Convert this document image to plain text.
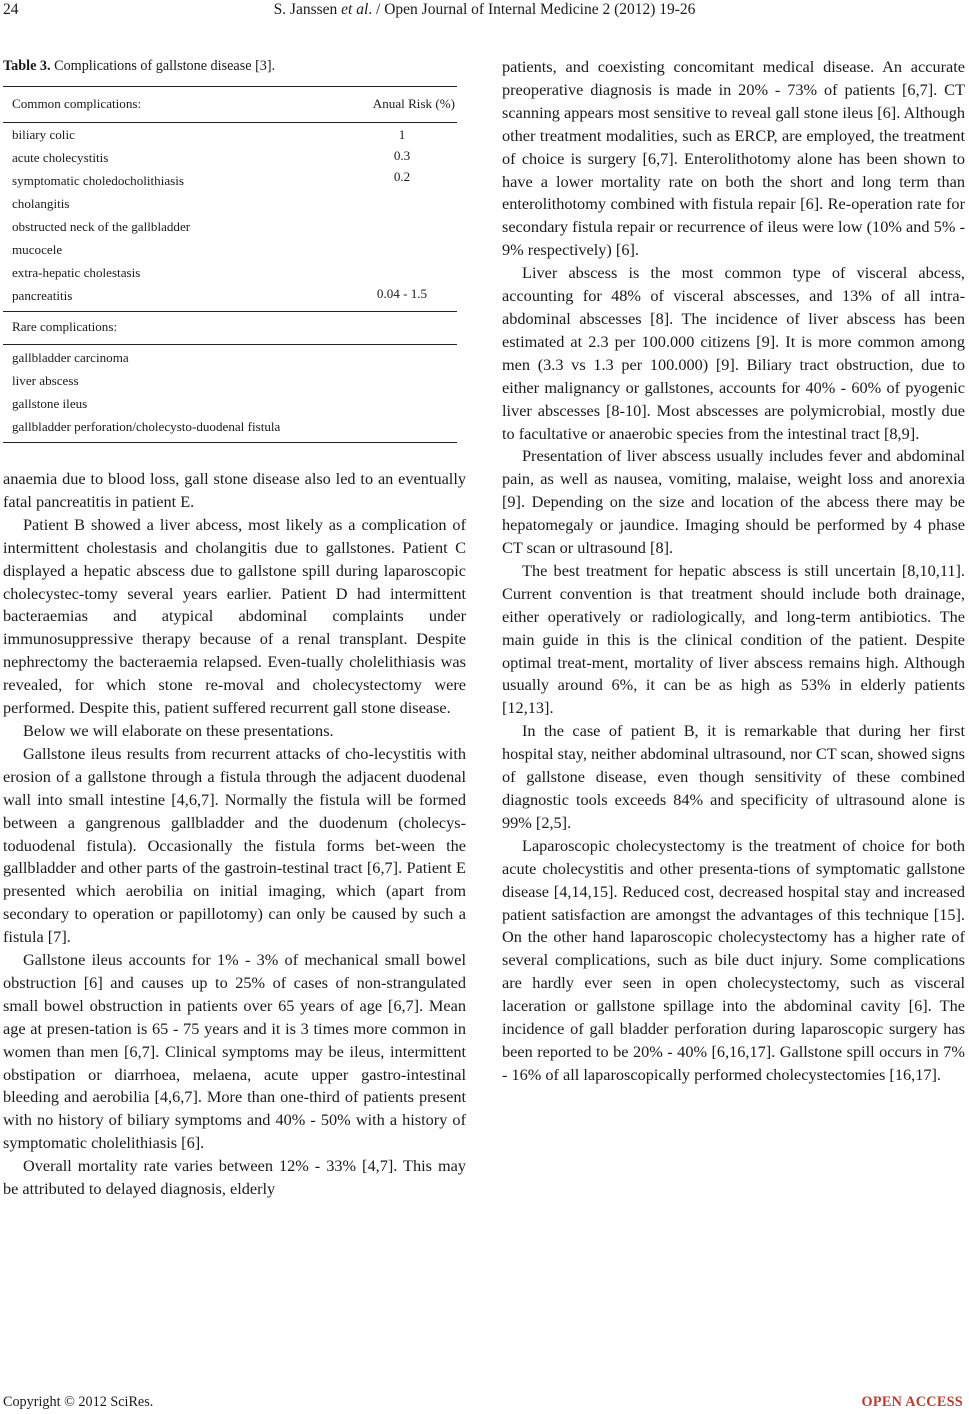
24	S. Janssen et al. / Open Journal of Internal Medicine 2 (2012) 19-26
Table 3. Complications of gallstone disease [3].
Common complications:	Anual Risk (%)
biliary colic	1
acute cholecystitis	0.3
symptomatic choledocholithiasis	0.2
cholangitis
obstructed neck of the gallbladder
mucocele
extra-hepatic cholestasis
pancreatitis	0.04 - 1.5
Rare complications:
gallbladder carcinoma
liver abscess
gallstone ileus
gallbladder perforation/cholecysto-duodenal fistula

anaemia due to blood loss, gall stone disease also led to an eventually fatal pancreatitis in patient E.

Patient B showed a liver abcess, most likely as a complication of intermittent cholestasis and cholangitis due to gallstones. Patient C displayed a hepatic abscess due to gallstone spill during laparoscopic cholecystec-tomy several years earlier. Patient D had intermittent bacteraemias and atypical abdominal complaints under immunosuppressive therapy because of a renal transplant. Despite nephrectomy the bacteraemia relapsed. Even-tually cholelithiasis was revealed, for which stone re-moval and cholecystectomy were performed. Despite this, patient suffered recurrent gall stone disease.

Below we will elaborate on these presentations.

Gallstone ileus results from recurrent attacks of cho-lecystitis with erosion of a gallstone through a fistula through the adjacent duodenal wall into small intestine [4,6,7]. Normally the fistula will be formed between a gangrenous gallbladder and the duodenum (cholecys-toduodenal fistula). Occasionally the fistula forms bet-ween the gallbladder and other parts of the gastroin-testinal tract [6,7]. Patient E presented which aerobilia on initial imaging, which (apart from secondary to operation or papillotomy) can only be caused by such a fistula [7].

Gallstone ileus accounts for 1% - 3% of mechanical small bowel obstruction [6] and causes up to 25% of cases of non-strangulated small bowel obstruction in patients over 65 years of age [6,7]. Mean age at presen-tation is 65 - 75 years and it is 3 times more common in women than men [6,7]. Clinical symptoms may be ileus, intermittent obstipation or diarrhoea, melaena, acute upper gastro-intestinal bleeding and aerobilia [4,6,7]. More than one-third of patients present with no history of biliary symptoms and 40% - 50% with a history of symptomatic cholelithiasis [6].

Overall mortality rate varies between 12% - 33% [4,7]. This may be attributed to delayed diagnosis, elderly

patients, and coexisting concomitant medical disease. An accurate preoperative diagnosis is made in 20% - 73% of patients [6,7]. CT scanning appears most sensitive to reveal gall stone ileus [6]. Although other treatment modalities, such as ERCP, are employed, the treatment of choice is surgery [6,7]. Enterolithotomy alone has been shown to have a lower mortality rate on both the short and long term than enterolithotomy combined with fistula repair [6]. Re-operation rate for secondary fistula repair or recurrence of ileus were low (10% and 5% - 9% respectively) [6].

Liver abscess is the most common type of visceral abcess, accounting for 48% of visceral abscesses, and 13% of all intra-abdominal abscesses [8]. The incidence of liver abscess has been estimated at 2.3 per 100.000 citizens [9]. It is more common among men (3.3 vs 1.3 per 100.000) [9]. Biliary tract obstruction, due to either malignancy or gallstones, accounts for 40% - 60% of pyogenic liver abscesses [8-10]. Most abscesses are polymicrobial, mostly due to facultative or anaerobic species from the intestinal tract [8,9].

Presentation of liver abscess usually includes fever and abdominal pain, as well as nausea, vomiting, malaise, weight loss and anorexia [9]. Depending on the size and location of the abcess there may be hepatomegaly or jaundice. Imaging should be performed by 4 phase CT scan or ultrasound [8].

The best treatment for hepatic abscess is still uncertain [8,10,11]. Current convention is that treatment should include both drainage, either operatively or radiologically, and long-term antibiotics. The main guide in this is the clinical condition of the patient. Despite optimal treat-ment, mortality of liver abscess remains high. Although usually around 6%, it can be as high as 53% in elderly patients [12,13].

In the case of patient B, it is remarkable that during her first hospital stay, neither abdominal ultrasound, nor CT scan, showed signs of gallstone disease, even though sensitivity of these combined diagnostic tools exceeds 84% and specificity of ultrasound alone is 99% [2,5].

Laparoscopic cholecystectomy is the treatment of choice for both acute cholecystitis and other presenta-tions of symptomatic gallstone disease [4,14,15]. Reduced cost, decreased hospital stay and increased patient satisfaction are amongst the advantages of this technique [15]. On the other hand laparoscopic cholecystectomy has a higher rate of several complications, such as bile duct injury. Some complications are hardly ever seen in open cholecystectomy, such as visceral laceration or gallstone spillage into the abdominal cavity [6]. The incidence of gall bladder perforation during laparoscopic surgery has been reported to be 20% - 40% [6,16,17]. Gallstone spill occurs in 7% - 16% of all laparoscopically performed cholecystectomies [16,17].

Copyright © 2012 SciRes.	OPEN ACCESS
